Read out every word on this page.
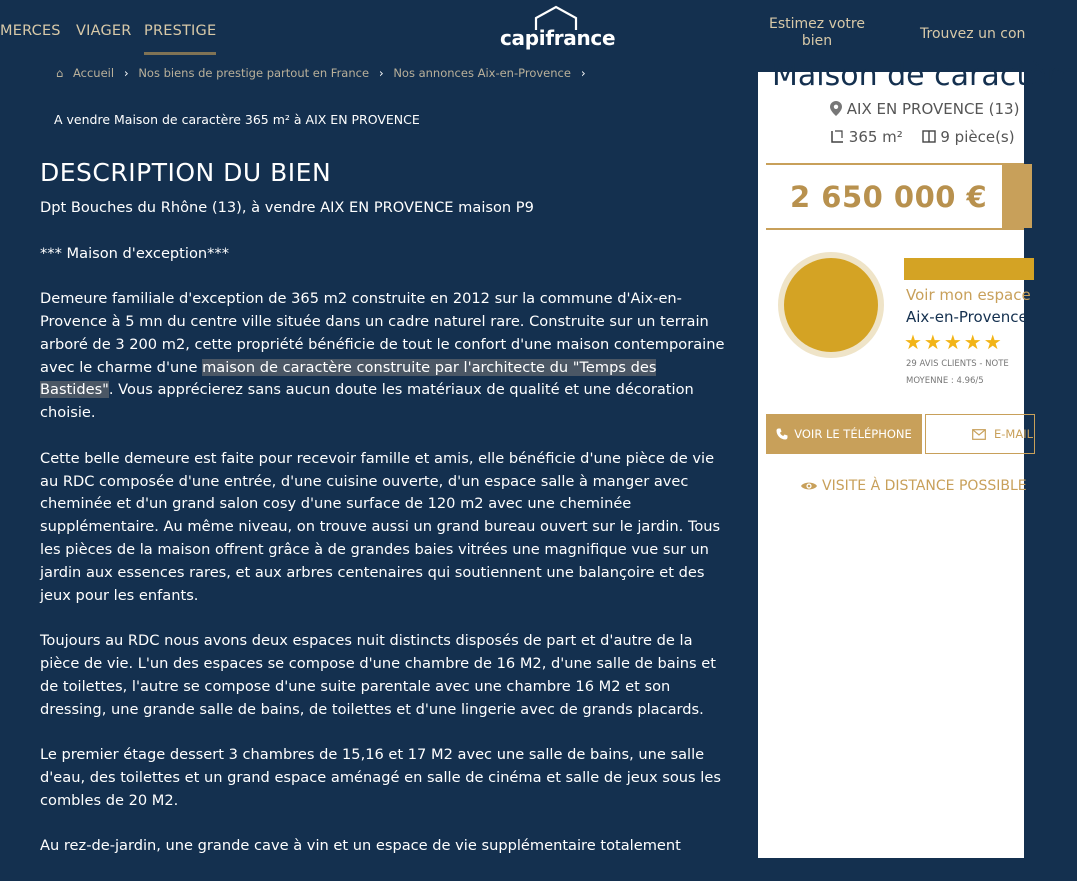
MERCES VIAGER PRESTIGE	capifrance
Estimez votre bien	Trouvez un con
⌂ Accueil › Nos biens de prestige partout en France › Nos annonces Aix-en-Provence ›
A vendre Maison de caractère 365 m² à AIX EN PROVENCE
DESCRIPTION DU BIEN

Dpt Bouches du Rhône (13), à vendre AIX EN PROVENCE maison P9

*** Maison d'exception***

Demeure familiale d'exception de 365 m2 construite en 2012 sur la commune d'Aix-en-Provence à 5 mn du centre ville située dans un cadre naturel rare. Construite sur un terrain arboré de 3 200 m2, cette propriété bénéficie de tout le confort d'une maison contemporaine avec le charme d'une maison de caractère construite par l'architecte du "Temps des Bastides". Vous apprécierez sans aucun doute les matériaux de qualité et une décoration choisie.

Cette belle demeure est faite pour recevoir famille et amis, elle bénéficie d'une pièce de vie au RDC composée d'une entrée, d'une cuisine ouverte, d'un espace salle à manger avec cheminée et d'un grand salon cosy d'une surface de 120 m2 avec une cheminée supplémentaire. Au même niveau, on trouve aussi un grand bureau ouvert sur le jardin. Tous les pièces de la maison offrent grâce à de grandes baies vitrées une magnifique vue sur un jardin aux essences rares, et aux arbres centenaires qui soutiennent une balançoire et des jeux pour les enfants.

Toujours au RDC nous avons deux espaces nuit distincts disposés de part et d'autre de la pièce de vie. L'un des espaces se compose d'une chambre de 16 M2, d'une salle de bains et de toilettes, l'autre se compose d'une suite parentale avec une chambre 16 M2 et son dressing, une grande salle de bains, de toilettes et d'une lingerie avec de grands placards.

Le premier étage dessert 3 chambres de 15,16 et 17 M2 avec une salle de bains, une salle d'eau, des toilettes et un grand espace aménagé en salle de cinéma et salle de jeux sous les combles de 20 M2.

Au rez-de-jardin, une grande cave à vin et un espace de vie supplémentaire totalement

Maison de caractère
AIX EN PROVENCE (13)
365 m²	9 pièce(s)
2 650 000 €
Voir mon espace
Aix-en-Provence
★★★★★
29 AVIS CLIENTS - NOTE
MOYENNE : 4.96/5
VOIR LE TÉLÉPHONE	E-MAIL
VISITE À DISTANCE POSSIBLE
